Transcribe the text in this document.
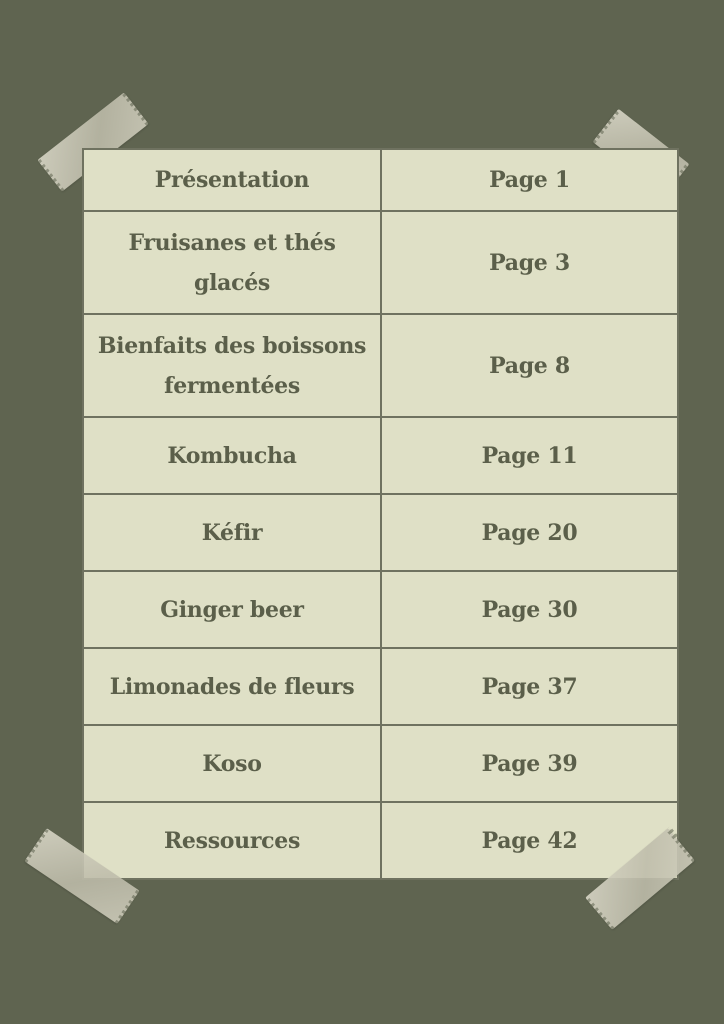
Présentation	Page 1
Fruisanes et thés glacés	Page 3
Bienfaits des boissons fermentées	Page 8
Kombucha	Page 11
Kéfir	Page 20
Ginger beer	Page 30
Limonades de fleurs	Page 37
Koso	Page 39
Ressources	Page 42
